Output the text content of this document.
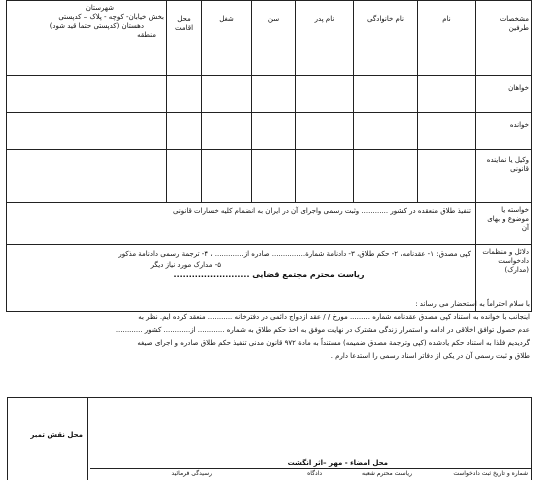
مشخصات طرفین	نام	نام خانوادگی	نام پدر	سن	شغل	محل اقامت	شهرستان
بخش خیابان- کوچه - پلاک – کدپستی
دهستان (کدپستی حتما قید شود)
منطقه

خواهان							
خوانده							
وکیل یا نماینده قانونی							
خواسته یا موضوع و بهای آن	تنفیذ طلاق منعقده در کشور ............ وثبت رسمی واجرای آن در ایران به انضمام کلیه خسارات قانونی						
دلائل و منظمات دادخواست (مدارک)	کپی مصدق: ۱- عقدنامه، ۲- حکم طلاق، ۳- دادنامة شمارة............... صادره از............. ، ۴- ترجمة رسمی دادنامة مذکور
۵- مدارک مورد نیاز دیگر						
ریاست محترم مجتمع قضایی .........................
با سلام احتراماً به استحضار می رساند :
اینجانب با خوانده به استناد کپی مصدق عقدنامه شماره ......... مورخ / / عقد ازدواج دائمی در دفترخانه ........... منعقد کرده ایم. نظر به
عدم حصول توافق اخلاقی در ادامه و استمرار زندگی مشترک در نهایت موفق به اخذ حکم طلاق به شماره ............ از............ کشور ............
گردیدیم فلذا به استناد حکم یادشده (کپی وترجمة مصدق ضمیمه) مستنداً به مادة ۹۷۲ قانون مدنی تنفیذ حکم طلاق صادره و اجرای صیغه
طلاق و ثبت رسمی آن در یکی از دفاتر اسناد رسمی را استدعا دارم .
محل نقش تمبر
محل امضاء - مهر –اثر انگشت
شماره و تاریخ ثبت دادخواست
ریاست محترم شعبه
دادگاه
رسیدگی فرمائید
